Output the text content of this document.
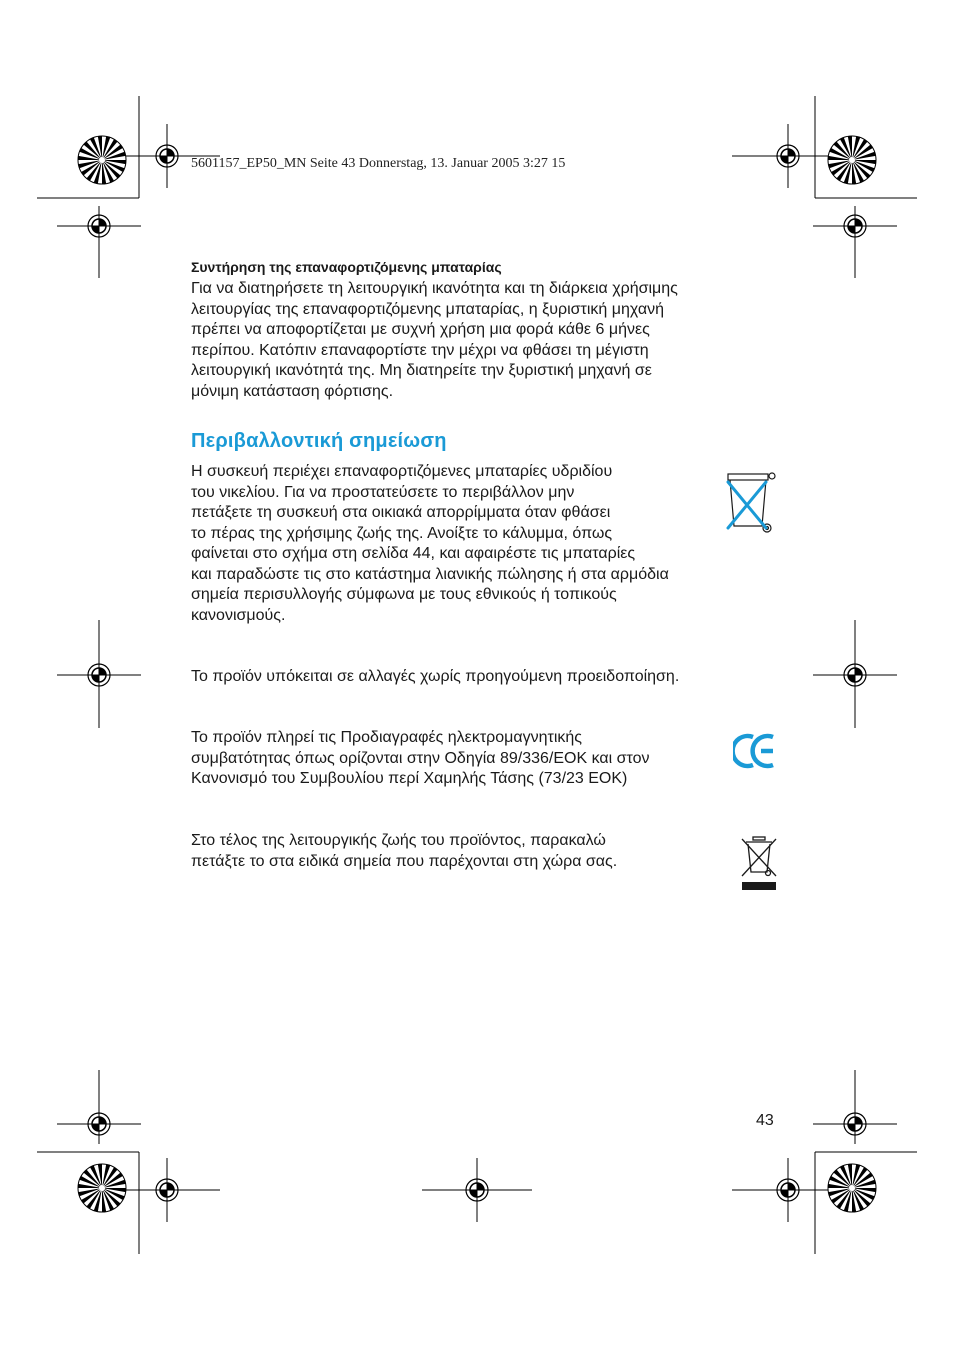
5601157_EP50_MN Seite 43 Donnerstag, 13. Januar 2005 3:27 15
Συντήρηση της επαναφορτιζόμενης μπαταρίας

Για να διατηρήσετε τη λειτουργική ικανότητα και τη διάρκεια χρήσιμης

λειτουργίας της επαναφορτιζόμενης μπαταρίας, η ξυριστική μηχανή

πρέπει να αποφορτίζεται με συχνή χρήση μια φορά κάθε 6 μήνες

περίπου. Κατόπιν επαναφορτίστε την μέχρι να φθάσει τη μέγιστη

λειτουργική ικανότητά της. Μη διατηρείτε την ξυριστική μηχανή σε

μόνιμη κατάσταση φόρτισης.

Περιβαλλοντική σημείωση

Η συσκευή περιέχει επαναφορτιζόμενες μπαταρίες υδριδίου

του νικελίου. Για να προστατεύσετε το περιβάλλον μην

πετάξετε τη συσκευή στα οικιακά απορρίμματα όταν φθάσει

το πέρας της χρήσιμης ζωής της. Ανοίξτε το κάλυμμα, όπως

φαίνεται στο σχήμα στη σελίδα 44, και αφαιρέστε τις μπαταρίες

και παραδώστε τις στο κατάστημα λιανικής πώλησης ή στα αρμόδια

σημεία περισυλλογής σύμφωνα με τους εθνικούς ή τοπικούς

κανονισμούς.

Το προϊόν υπόκειται σε αλλαγές χωρίς προηγούμενη προειδοποίηση.

Το προϊόν πληρεί τις Προδιαγραφές ηλεκτρομαγνητικής

συμβατότητας όπως ορίζονται στην Οδηγία 89/336/ΕΟΚ και στον

Κανονισμό του Συμβουλίου περί Χαμηλής Τάσης (73/23 ΕΟΚ)

Στο τέλος της λειτουργικής ζωής του προϊόντος, παρακαλώ

πετάξτε το στα ειδικά σημεία που παρέχονται στη χώρα σας.

43
